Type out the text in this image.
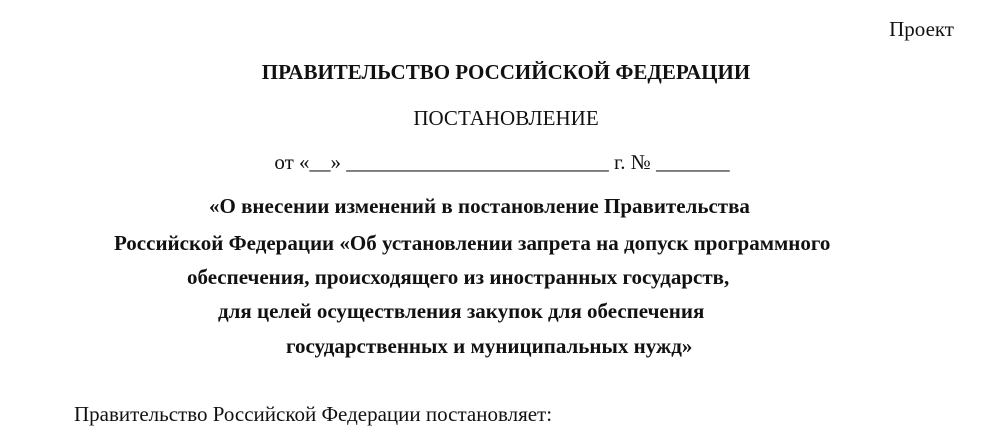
Проект
ПРАВИТЕЛЬСТВО РОССИЙСКОЙ ФЕДЕРАЦИИ
ПОСТАНОВЛЕНИЕ
от «__» _________________________ г. № _______
«О внесении изменений в постановление Правительства
Российской Федерации «Об установлении запрета на допуск программного
обеспечения, происходящего из иностранных государств,
для целей осуществления закупок для обеспечения
государственных и муниципальных нужд»
Правительство Российской Федерации постановляет:
